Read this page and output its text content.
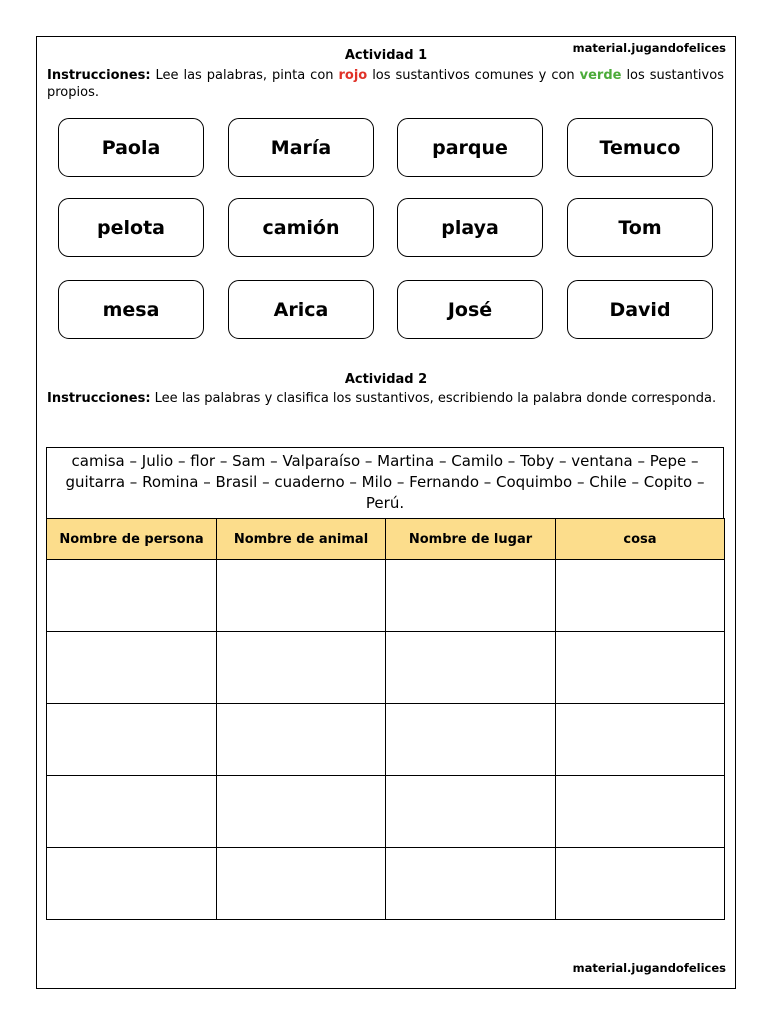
material.jugandofelices
Actividad 1
Instrucciones: Lee las palabras, pinta con rojo los sustantivos comunes y con verde los sustantivos propios.
Paola	María	parque	Temuco
pelota	camión	playa	Tom
mesa	Arica	José	David
Actividad 2
Instrucciones: Lee las palabras y clasifica los sustantivos, escribiendo la palabra donde corresponda.
camisa – Julio – flor – Sam – Valparaíso – Martina – Camilo – Toby – ventana – Pepe – guitarra – Romina – Brasil – cuaderno – Milo – Fernando – Coquimbo – Chile – Copito – Perú.
Nombre de persona	Nombre de animal	Nombre de lugar	cosa

material.jugandofelices
